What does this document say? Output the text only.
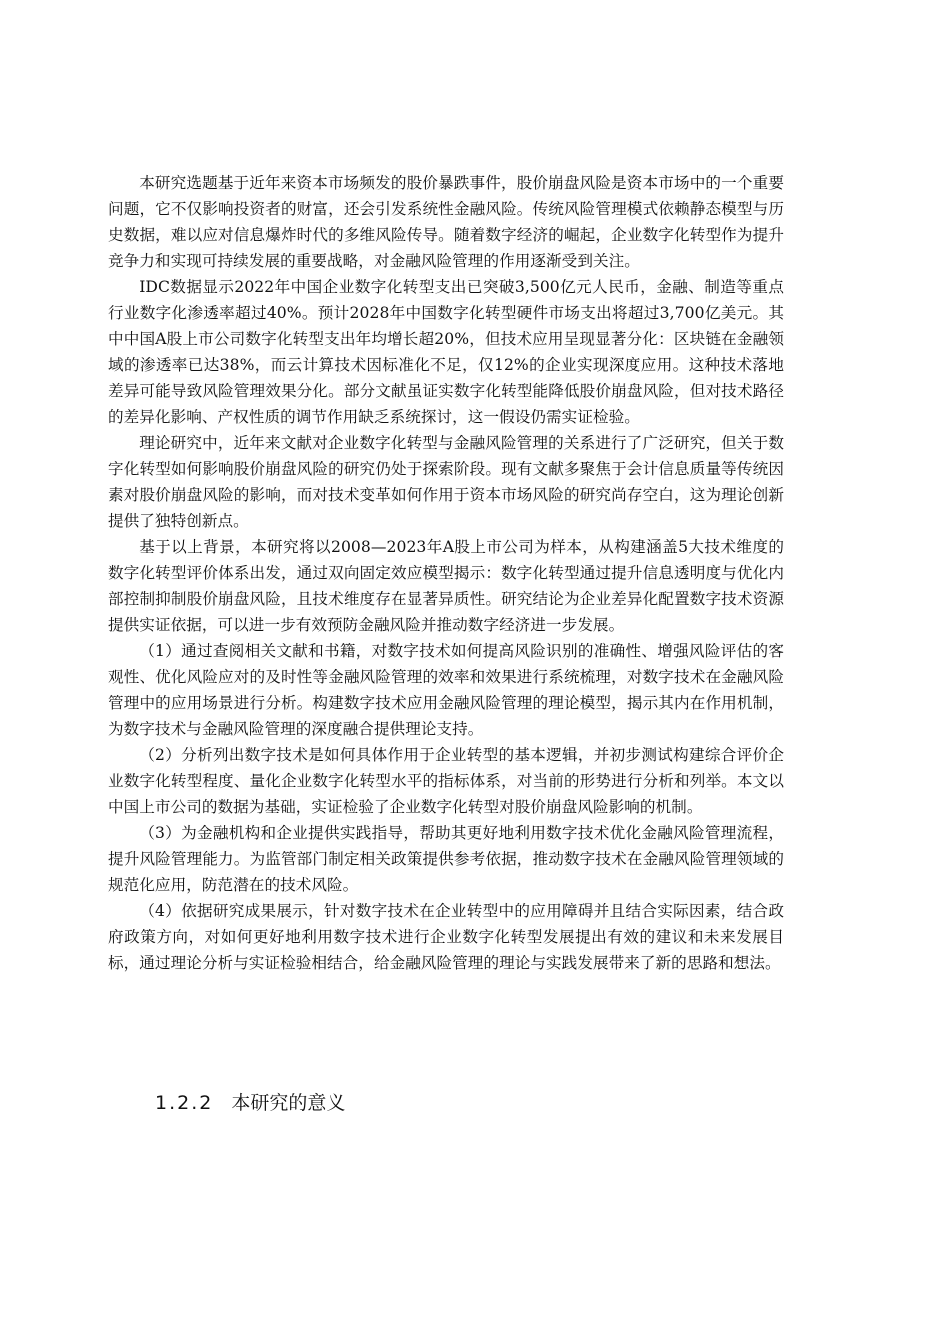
本研究选题基于近年来资本市场频发的股价暴跌事件，股价崩盘风险是资本市场中的一个重要问题，它不仅影响投资者的财富，还会引发系统性金融风险。传统风险管理模式依赖静态模型与历史数据，难以应对信息爆炸时代的多维风险传导。随着数字经济的崛起，企业数字化转型作为提升竞争力和实现可持续发展的重要战略，对金融风险管理的作用逐渐受到关注。

IDC数据显示2022年中国企业数字化转型支出已突破3,500亿元人民币，金融、制造等重点行业数字化渗透率超过40%。预计2028年中国数字化转型硬件市场支出将超过3,700亿美元。其中中国A股上市公司数字化转型支出年均增长超20%，但技术应用呈现显著分化：区块链在金融领域的渗透率已达38%，而云计算技术因标准化不足，仅12%的企业实现深度应用。这种技术落地差异可能导致风险管理效果分化。部分文献虽证实数字化转型能降低股价崩盘风险，但对技术路径的差异化影响、产权性质的调节作用缺乏系统探讨，这一假设仍需实证检验。

理论研究中，近年来文献对企业数字化转型与金融风险管理的关系进行了广泛研究，但关于数字化转型如何影响股价崩盘风险的研究仍处于探索阶段。现有文献多聚焦于会计信息质量等传统因素对股价崩盘风险的影响，而对技术变革如何作用于资本市场风险的研究尚存空白，这为理论创新提供了独特创新点。

基于以上背景，本研究将以2008—2023年A股上市公司为样本，从构建涵盖5大技术维度的数字化转型评价体系出发，通过双向固定效应模型揭示：数字化转型通过提升信息透明度与优化内部控制抑制股价崩盘风险，且技术维度存在显著异质性。研究结论为企业差异化配置数字技术资源提供实证依据，可以进一步有效预防金融风险并推动数字经济进一步发展。

（1）通过查阅相关文献和书籍，对数字技术如何提高风险识别的准确性、增强风险评估的客观性、优化风险应对的及时性等金融风险管理的效率和效果进行系统梳理，对数字技术在金融风险管理中的应用场景进行分析。构建数字技术应用金融风险管理的理论模型，揭示其内在作用机制，为数字技术与金融风险管理的深度融合提供理论支持。

（2）分析列出数字技术是如何具体作用于企业转型的基本逻辑，并初步测试构建综合评价企业数字化转型程度、量化企业数字化转型水平的指标体系，对当前的形势进行分析和列举。本文以中国上市公司的数据为基础，实证检验了企业数字化转型对股价崩盘风险影响的机制。

（3）为金融机构和企业提供实践指导，帮助其更好地利用数字技术优化金融风险管理流程，提升风险管理能力。为监管部门制定相关政策提供参考依据，推动数字技术在金融风险管理领域的规范化应用，防范潜在的技术风险。

（4）依据研究成果展示，针对数字技术在企业转型中的应用障碍并且结合实际因素，结合政府政策方向，对如何更好地利用数字技术进行企业数字化转型发展提出有效的建议和未来发展目标，通过理论分析与实证检验相结合，给金融风险管理的理论与实践发展带来了新的思路和想法。

1.2.2 本研究的意义
